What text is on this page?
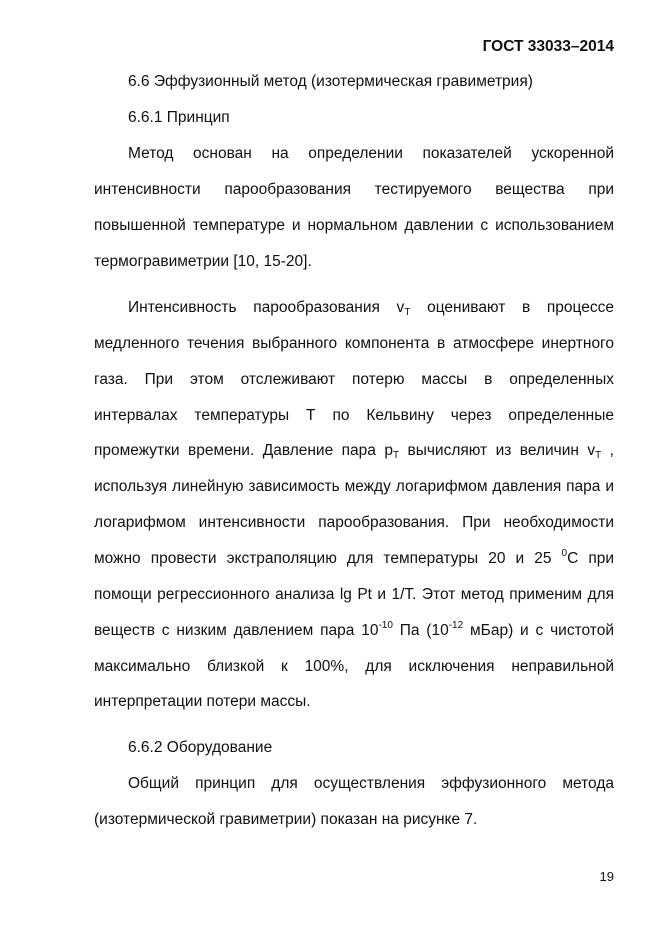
ГОСТ 33033–2014
6.6 Эффузионный метод (изотермическая гравиметрия)
6.6.1 Принцип
Метод основан на определении показателей ускоренной
интенсивности парообразования тестируемого вещества при
повышенной температуре и нормальном давлении с использованием
термогравиметрии [10, 15-20].
Интенсивность парообразования $v_T$ оценивают в процессе
медленного течения выбранного компонента в атмосфере инертного
газа. При этом отслеживают потерю массы в определенных
интервалах температуры Т по Кельвину через определенные
промежутки времени. Давление пара $p_T$ вычисляют из величин $v_T$ ,
используя линейную зависимость между логарифмом давления пара и
логарифмом интенсивности парообразования. При необходимости
можно провести экстраполяцию для температуры 20 и 25 $^0$С при
помощи регрессионного анализа lg Pt и 1/T. Этот метод применим для
веществ с низким давлением пара $10^{-10}$ Па ($10^{-12}$ мБар) и с чистотой
максимально близкой к 100%, для исключения неправильной
интерпретации потери массы.
6.6.2 Оборудование
Общий принцип для осуществления эффузионного метода
(изотермической гравиметрии) показан на рисунке 7.
19
